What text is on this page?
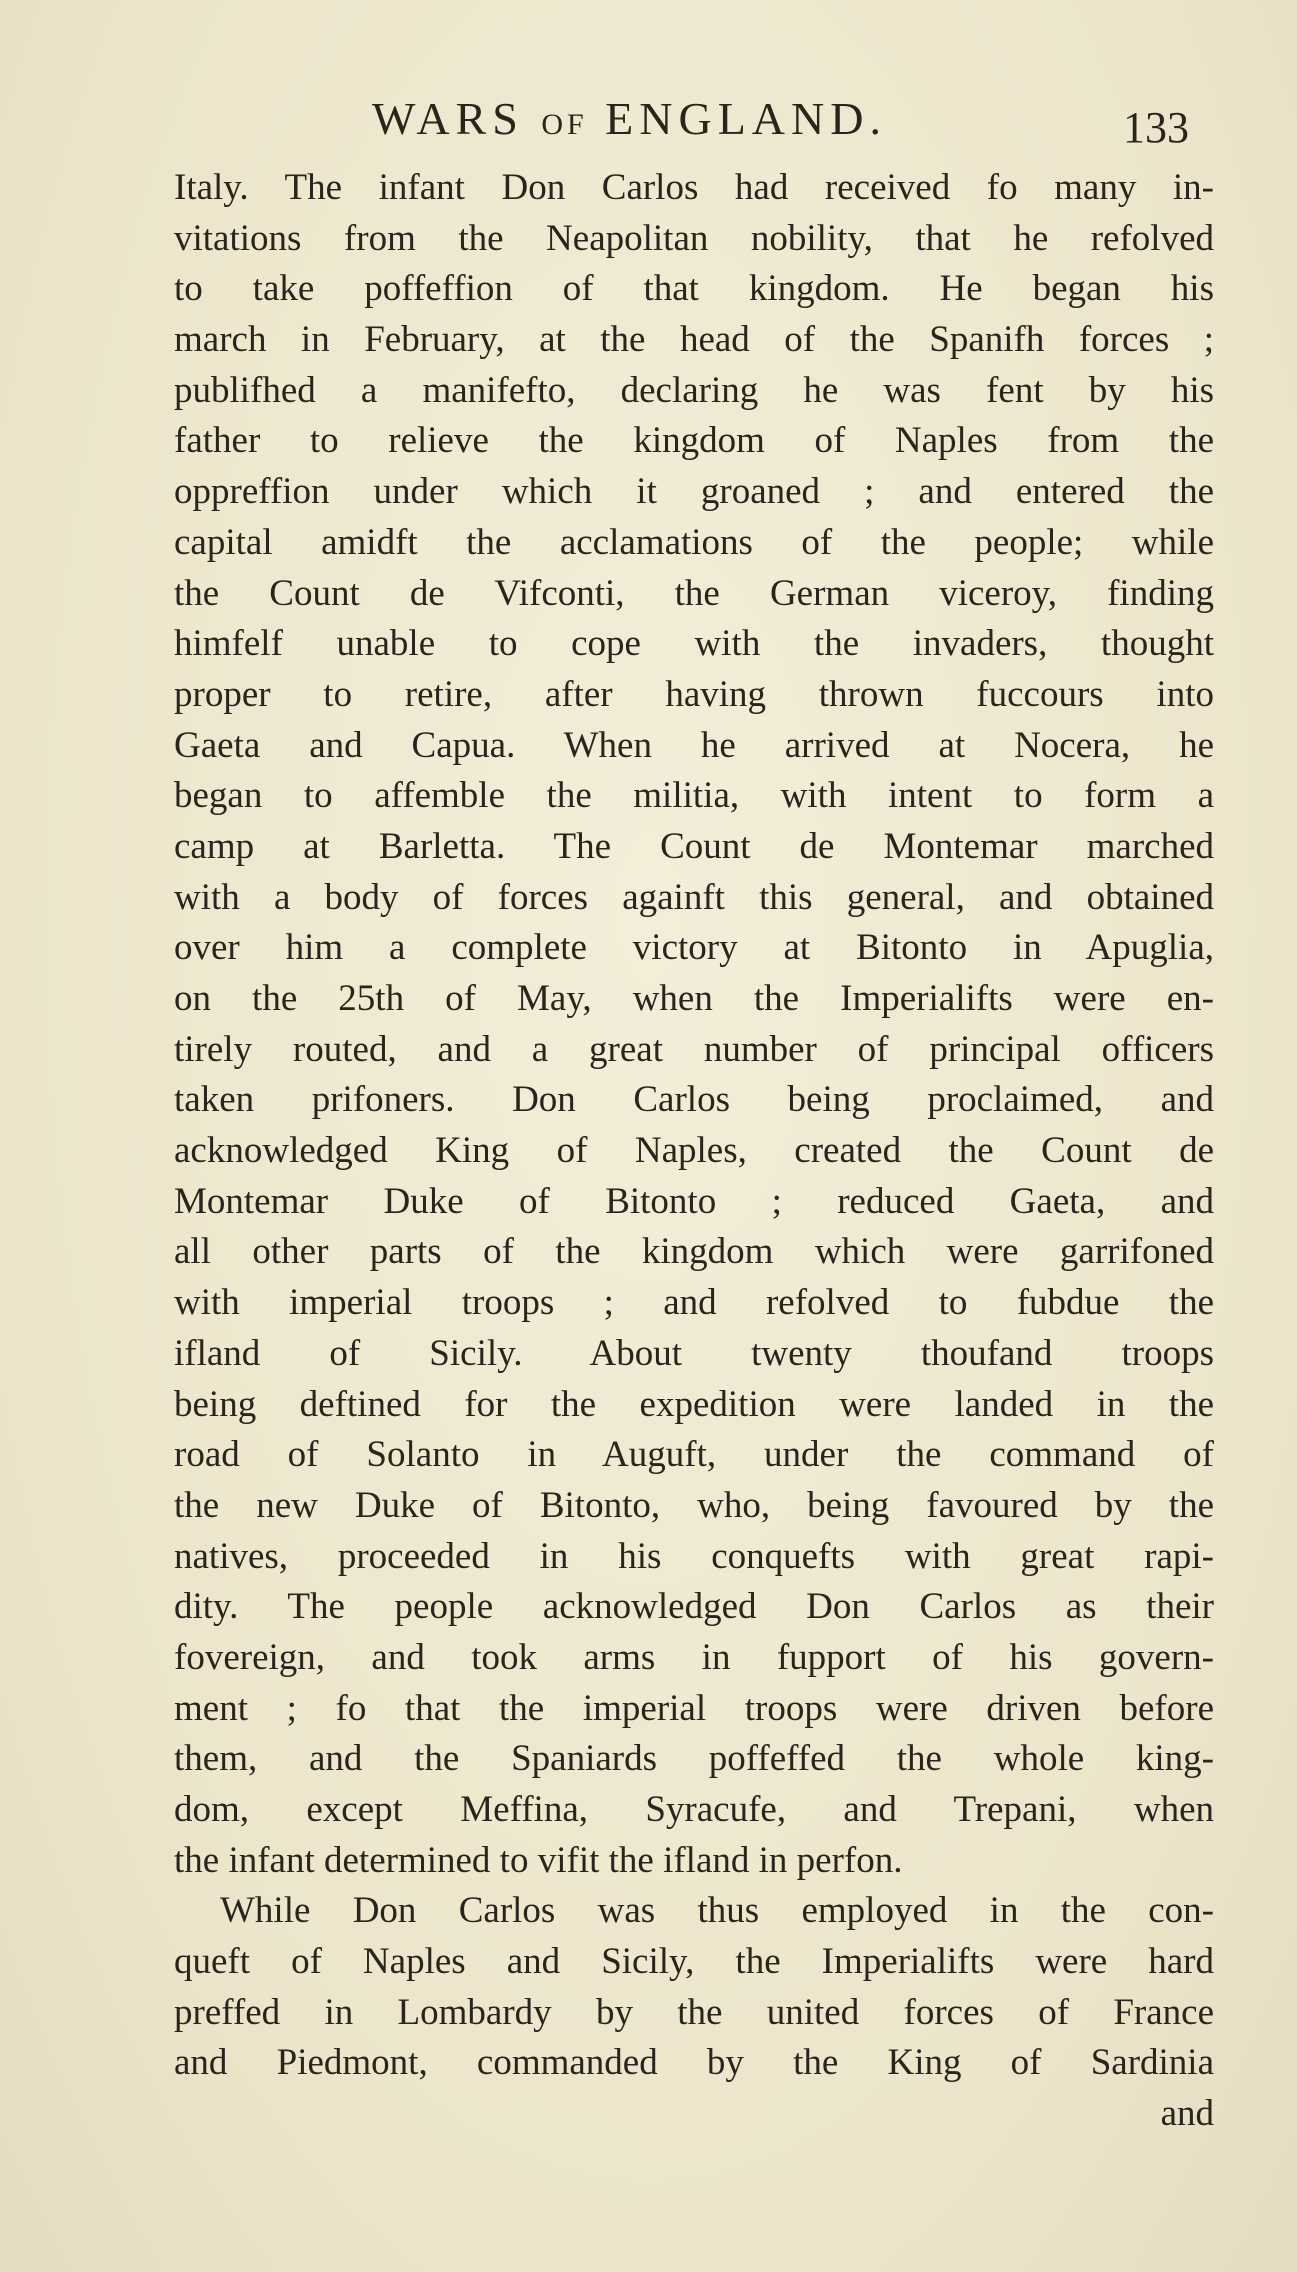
WARS OF ENGLAND.	133
Italy. The infant Don Carlos had received fo many in-
vitations from the Neapolitan nobility, that he refolved
to take poffeffion of that kingdom. He began his
march in February, at the head of the Spanifh forces ;
publifhed a manifefto, declaring he was fent by his
father to relieve the kingdom of Naples from the
oppreffion under which it groaned ; and entered the
capital amidft the acclamations of the people; while
the Count de Vifconti, the German viceroy, finding
himfelf unable to cope with the invaders, thought
proper to retire, after having thrown fuccours into
Gaeta and Capua. When he arrived at Nocera, he
began to affemble the militia, with intent to form a
camp at Barletta. The Count de Montemar marched
with a body of forces againft this general, and obtained
over him a complete victory at Bitonto in Apuglia,
on the 25th of May, when the Imperialifts were en-
tirely routed, and a great number of principal officers
taken prifoners. Don Carlos being proclaimed, and
acknowledged King of Naples, created the Count de
Montemar Duke of Bitonto ; reduced Gaeta, and
all other parts of the kingdom which were garrifoned
with imperial troops ; and refolved to fubdue the
ifland of Sicily. About twenty thoufand troops
being deftined for the expedition were landed in the
road of Solanto in Auguft, under the command of
the new Duke of Bitonto, who, being favoured by the
natives, proceeded in his conquefts with great rapi-
dity. The people acknowledged Don Carlos as their
fovereign, and took arms in fupport of his govern-
ment ; fo that the imperial troops were driven before
them, and the Spaniards poffeffed the whole king-
dom, except Meffina, Syracufe, and Trepani, when
the infant determined to vifit the ifland in perfon.
While Don Carlos was thus employed in the con-
queft of Naples and Sicily, the Imperialifts were hard
preffed in Lombardy by the united forces of France
and Piedmont, commanded by the King of Sardinia
and
